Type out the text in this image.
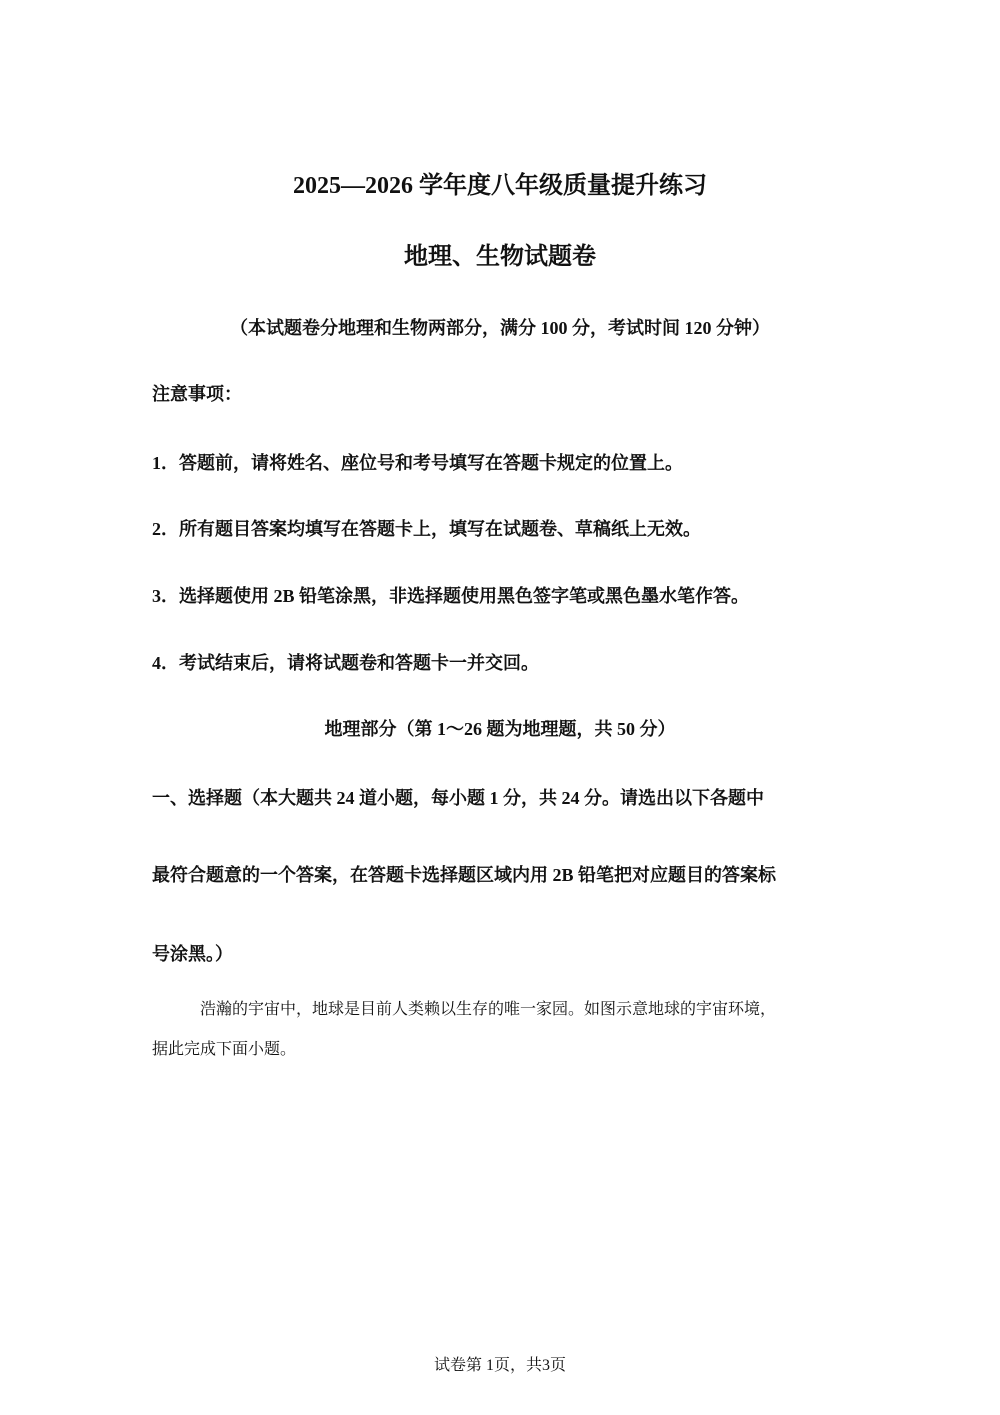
2025—2026 学年度八年级质量提升练习
地理、生物试题卷
（本试题卷分地理和生物两部分，满分 100 分，考试时间 120 分钟）
注意事项：
1．答题前，请将姓名、座位号和考号填写在答题卡规定的位置上。
2．所有题目答案均填写在答题卡上，填写在试题卷、草稿纸上无效。
3．选择题使用 2B 铅笔涂黑，非选择题使用黑色签字笔或黑色墨水笔作答。
4．考试结束后，请将试题卷和答题卡一并交回。
地理部分（第 1～26 题为地理题，共 50 分）
一、选择题（本大题共 24 道小题，每小题 1 分，共 24 分。请选出以下各题中
最符合题意的一个答案，在答题卡选择题区域内用 2B 铅笔把对应题目的答案标
号涂黑。）
浩瀚的宇宙中，地球是目前人类赖以生存的唯一家园。如图示意地球的宇宙环境，
据此完成下面小题。
试卷第 1页，共3页
